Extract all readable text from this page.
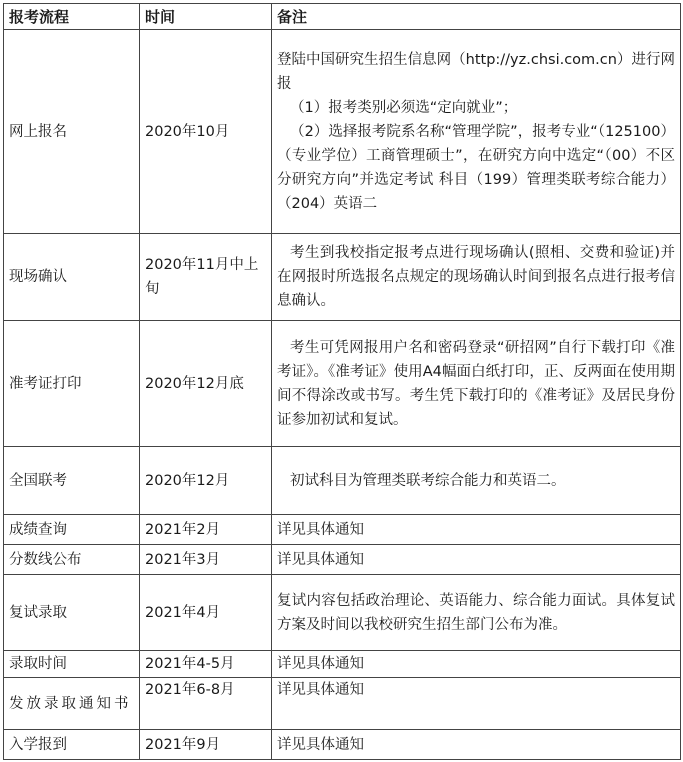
报考流程	时间	备注
网上报名	2020年10月	登陆中国研究生招生信息网（http://yz.chsi.com.cn）进行网报

（1）报考类别必须选“定向就业”；

（2）选择报考院系名称“管理学院”，报考专业“（125100）（专业学位）工商管理硕士”，在研究方向中选定“（00）不区分研究方向”并选定考试 科目（199）管理类联考综合能力）（204）英语二

现场确认	2020年11月中上旬	考生到我校指定报考点进行现场确认(照相、交费和验证)并在网报时所选报名点规定的现场确认时间到报名点进行报考信息确认。

准考证打印	2020年12月底	考生可凭网报用户名和密码登录“研招网”自行下载打印《准考证》。《准考证》使用A4幅面白纸打印，正、反两面在使用期间不得涂改或书写。考生凭下载打印的《准考证》及居民身份证参加初试和复试。

全国联考	2020年12月	初试科目为管理类联考综合能力和英语二。

成绩查询	2021年2月	详见具体通知
分数线公布	2021年3月	详见具体通知
复试录取	2021年4月	复试内容包括政治理论、英语能力、综合能力面试。具体复试方案及时间以我校研究生招生部门公布为准。

录取时间	2021年4-5月	详见具体通知
发放录取通知书	2021年6-8月	详见具体通知
入学报到	2021年9月	详见具体通知
